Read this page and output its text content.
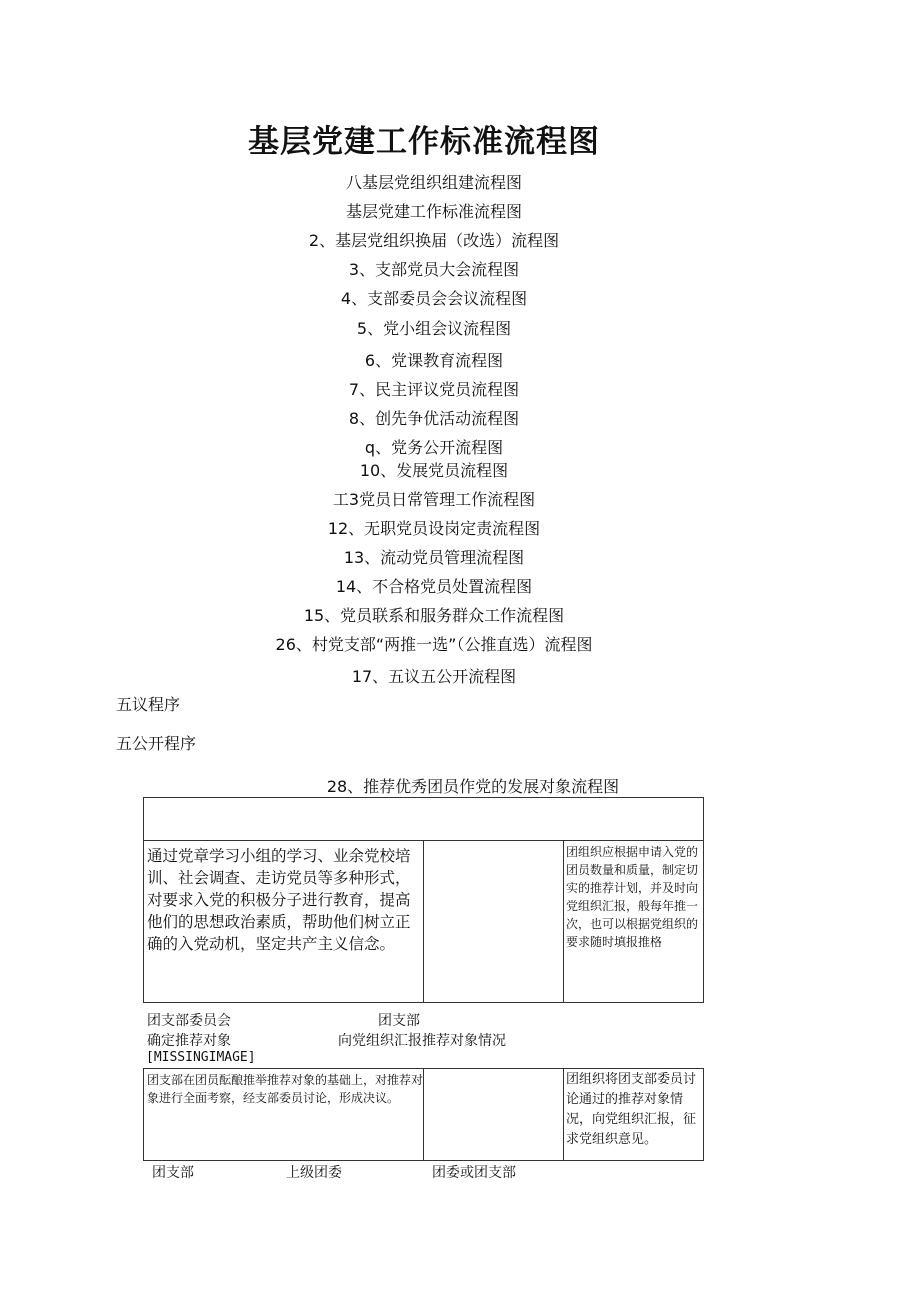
基层党建工作标准流程图
八基层党组织组建流程图
基层党建工作标准流程图
2、基层党组织换届（改选）流程图
3、支部党员大会流程图
4、支部委员会会议流程图
5、党小组会议流程图
6、党课教育流程图
7、民主评议党员流程图
8、创先争优活动流程图
q、党务公开流程图
10、发展党员流程图
工3党员日常管理工作流程图
12、无职党员设岗定责流程图
13、流动党员管理流程图
14、不合格党员处置流程图
15、党员联系和服务群众工作流程图
26、村党支部“两推一选”（公推直选）流程图
17、五议五公开流程图
五议程序
五公开程序
28、推荐优秀团员作党的发展对象流程图
通过党章学习小组的学习、业余党校培训、社会调查、走访党员等多种形式，对要求入党的积极分子进行教育，提高他们的思想政治素质，帮助他们树立正确的入党动机，坚定共产主义信念。
团组织应根据申请入党的团员数量和质量，制定切实的推荐计划，并及时向党组织汇报，般每年推一次，也可以根据党组织的要求随时填报推格
团支部委员会
确定推荐对象
团支部
向党组织汇报推荐对象情况
[MISSINGIMAGE]
团支部在团员酝酿推举推荐对象的基础上，对推荐对象进行全面考察，经支部委员讨论，形成决议。
团组织将团支部委员讨论通过的推荐对象情况，向党组织汇报，征求党组织意见。
团支部	上级团委	团委或团支部
